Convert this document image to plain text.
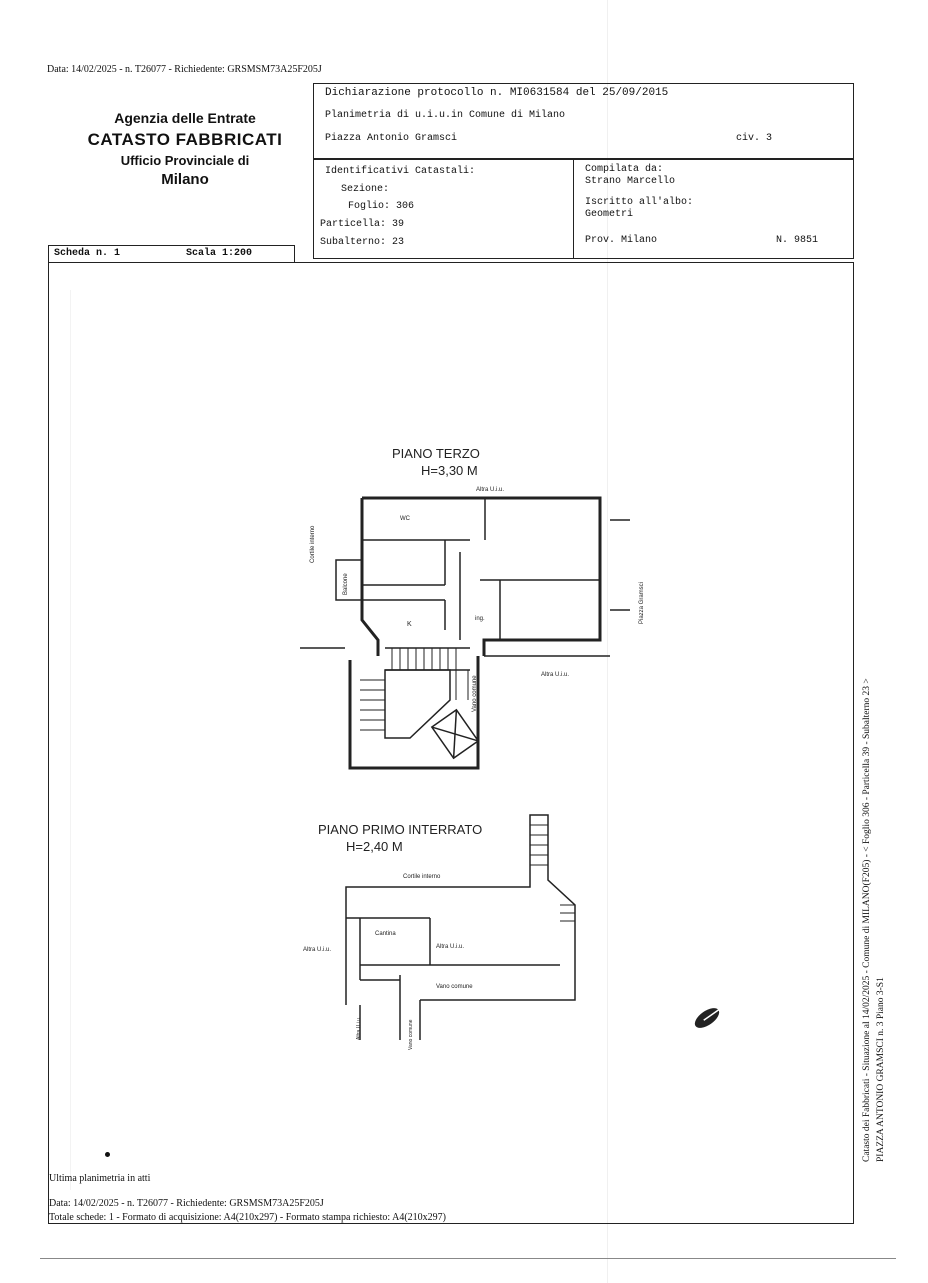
Data: 14/02/2025 - n. T26077 - Richiedente: GRSMSM73A25F205J
Agenzia delle Entrate
CATASTO FABBRICATI
Ufficio Provinciale di
Milano
Dichiarazione protocollo n. MI0631584 del 25/09/2015
Planimetria di u.i.u.in Comune di Milano
Piazza Antonio Gramsci	civ. 3
Identificativi Catastali:
Sezione:
Foglio: 306
Particella: 39
Subalterno: 23
Compilata da:
Strano Marcello
Iscritto all'albo:
Geometri
Prov. Milano	N. 9851
Scheda n. 1	Scala 1:200
PIANO TERZO
H=3,30 M
Altra U.i.u.
WC
Cortile interno
Balcone
K
ing.
Vano comune
Piazza Gramsci
Altra U.i.u.
PIANO PRIMO INTERRATO
H=2,40 M
Cortile interno
Altra U.i.u.
Cantina
Altra U.i.u.
Vano comune
Altra U.i.u.	Vano comune	Catasto dei Fabbricati - Situazione al 14/02/2025 - Comune di MILANO(F205) - < Foglio 306 - Particella 39 - Subalterno 23 > PIAZZA ANTONIO GRAMSCI n. 3 Piano 3-S1
Ultima planimetria in atti
Data: 14/02/2025 - n. T26077 - Richiedente: GRSMSM73A25F205J
Totale schede: 1 - Formato di acquisizione: A4(210x297) - Formato stampa richiesto: A4(210x297)
